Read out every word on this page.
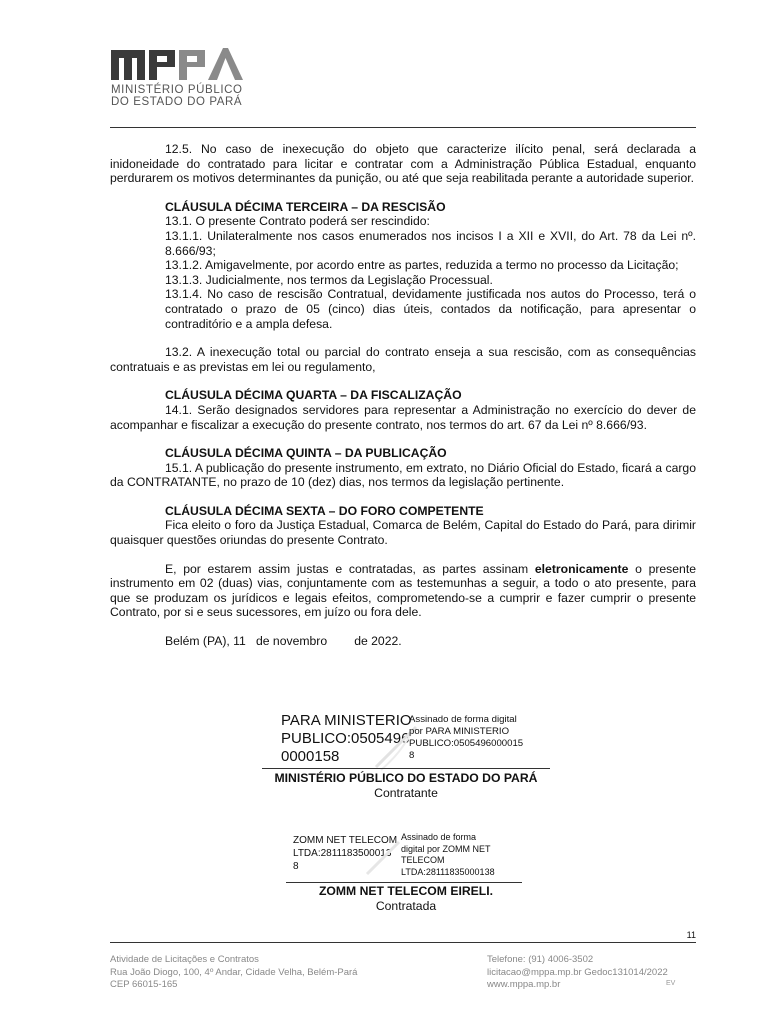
MINISTÉRIO PÚBLICO
DO ESTADO DO PARÁ

12.5. No caso de inexecução do objeto que caracterize ilícito penal, será declarada a inidoneidade do contratado para licitar e contratar com a Administração Pública Estadual, enquanto perdurarem os motivos determinantes da punição, ou até que seja reabilitada perante a autoridade superior.

CLÁUSULA DÉCIMA TERCEIRA – DA RESCISÃO

13.1. O presente Contrato poderá ser rescindido:

13.1.1. Unilateralmente nos casos enumerados nos incisos I a XII e XVII, do Art. 78 da Lei nº. 8.666/93;

13.1.2. Amigavelmente, por acordo entre as partes, reduzida a termo no processo da Licitação;

13.1.3. Judicialmente, nos termos da Legislação Processual.

13.1.4. No caso de rescisão Contratual, devidamente justificada nos autos do Processo, terá o contratado o prazo de 05 (cinco) dias úteis, contados da notificação, para apresentar o contraditório e a ampla defesa.

13.2. A inexecução total ou parcial do contrato enseja a sua rescisão, com as consequências contratuais e as previstas em lei ou regulamento,

CLÁUSULA DÉCIMA QUARTA – DA FISCALIZAÇÃO

14.1. Serão designados servidores para representar a Administração no exercício do dever de acompanhar e fiscalizar a execução do presente contrato, nos termos do art. 67 da Lei nº 8.666/93.

CLÁUSULA DÉCIMA QUINTA – DA PUBLICAÇÃO

15.1. A publicação do presente instrumento, em extrato, no Diário Oficial do Estado, ficará a cargo da CONTRATANTE, no prazo de 10 (dez) dias, nos termos da legislação pertinente.

CLÁUSULA DÉCIMA SEXTA – DO FORO COMPETENTE

Fica eleito o foro da Justiça Estadual, Comarca de Belém, Capital do Estado do Pará, para dirimir quaisquer questões oriundas do presente Contrato.

E, por estarem assim justas e contratadas, as partes assinam eletronicamente o presente instrumento em 02 (duas) vias, conjuntamente com as testemunhas a seguir, a todo o ato presente, para que se produzam os jurídicos e legais efeitos, comprometendo-se a cumprir e fazer cumprir o presente Contrato, por si e seus sucessores, em juízo ou fora dele.

Belém (PA), 11   de novembro        de 2022.

PARA MINISTERIO
PUBLICO:0505496
0000158
Assinado de forma digital
por PARA MINISTERIO
PUBLICO:0505496000015
8
MINISTÉRIO PÚBLICO DO ESTADO DO PARÁ
Contratante
ZOMM NET TELECOM
LTDA:2811183500013
8
Assinado de forma
digital por ZOMM NET
TELECOM
LTDA:28111835000138
ZOMM NET TELECOM EIRELI.
Contratada
11
Atividade de Licitações e Contratos
Rua João Diogo, 100, 4º Andar, Cidade Velha, Belém-Pará
CEP 66015-165
Telefone: (91) 4006-3502
licitacao@mppa.mp.br Gedoc131014/2022
www.mppa.mp.br	EV
